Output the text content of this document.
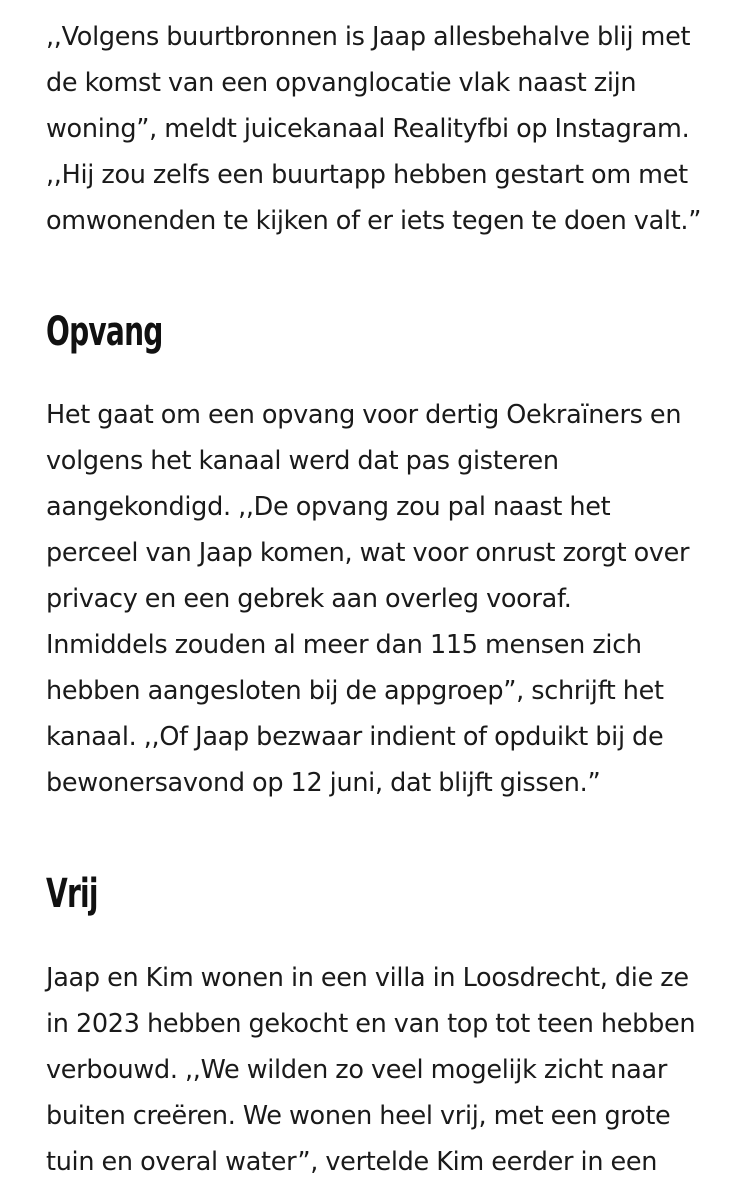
,,Volgens buurtbronnen is Jaap allesbehalve blij met
de komst van een opvanglocatie vlak naast zijn
woning”, meldt juicekanaal Realityfbi op Instagram.
,,Hij zou zelfs een buurtapp hebben gestart om met
omwonenden te kijken of er iets tegen te doen valt.”

Opvang

Het gaat om een opvang voor dertig Oekraïners en
volgens het kanaal werd dat pas gisteren
aangekondigd. ,,De opvang zou pal naast het
perceel van Jaap komen, wat voor onrust zorgt over
privacy en een gebrek aan overleg vooraf.
Inmiddels zouden al meer dan 115 mensen zich
hebben aangesloten bij de appgroep”, schrijft het
kanaal. ,,Of Jaap bezwaar indient of opduikt bij de
bewonersavond op 12 juni, dat blijft gissen.”

Vrij

Jaap en Kim wonen in een villa in Loosdrecht, die ze
in 2023 hebben gekocht en van top tot teen hebben
verbouwd. ,,We wilden zo veel mogelijk zicht naar
buiten creëren. We wonen heel vrij, met een grote
tuin en overal water”, vertelde Kim eerder in een
